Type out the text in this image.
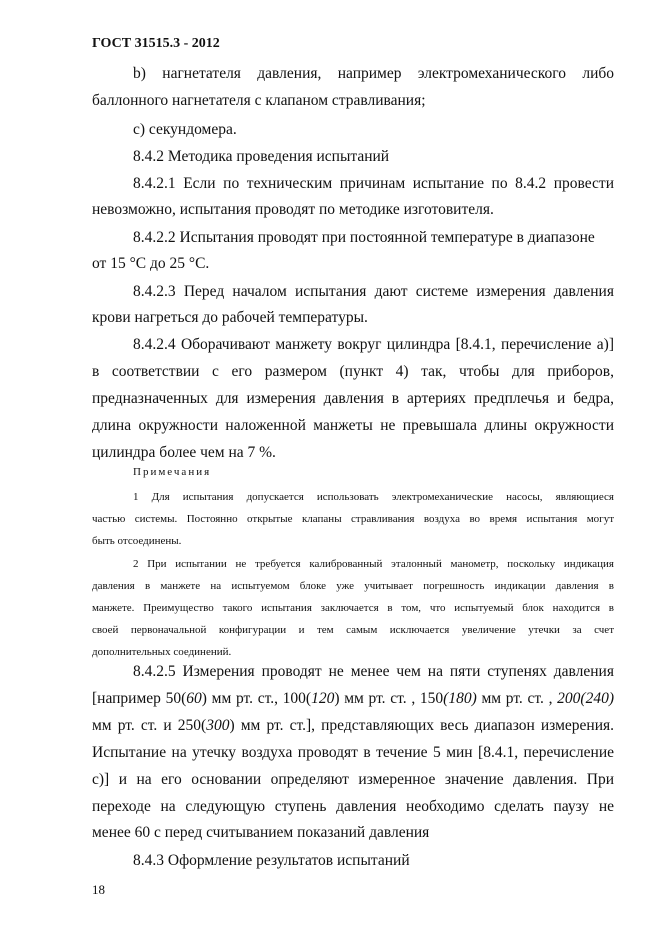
ГОСТ 31515.3 - 2012
b) нагнетателя давления, например электромеханического либо
баллонного нагнетателя с клапаном стравливания;
c) секундомера.
8.4.2 Методика проведения испытаний
8.4.2.1 Если по техническим причинам испытание по 8.4.2 провести
невозможно, испытания проводят по методике изготовителя.
8.4.2.2 Испытания проводят при постоянной температуре в диапазоне
от 15 °С до 25 °С.
8.4.2.3 Перед началом испытания дают системе измерения давления
крови нагреться до рабочей температуры.
8.4.2.4 Оборачивают манжету вокруг цилиндра [8.4.1, перечисление а)]
в соответствии с его размером (пункт 4) так, чтобы для приборов,
предназначенных для измерения давления в артериях предплечья и бедра,
длина окружности наложенной манжеты не превышала длины окружности
цилиндра более чем на 7 %.
Примечания
1 Для испытания допускается использовать электромеханические насосы, являющиеся
частью системы. Постоянно открытые клапаны стравливания воздуха во время испытания могут
быть отсоединены.
2 При испытании не требуется калиброванный эталонный манометр, поскольку индикация
давления в манжете на испытуемом блоке уже учитывает погрешность индикации давления в
манжете. Преимущество такого испытания заключается в том, что испытуемый блок находится в
своей первоначальной конфигурации и тем самым исключается увеличение утечки за счет
дополнительных соединений.
8.4.2.5 Измерения проводят не менее чем на пяти ступенях давления
[например 50(60) мм рт. ст., 100(120) мм рт. ст. , 150(180) мм рт. ст. , 200(240)
мм рт. ст. и 250(300) мм рт. ст.], представляющих весь диапазон измерения.
Испытание на утечку воздуха проводят в течение 5 мин [8.4.1, перечисление
c)] и на его основании определяют измеренное значение давления. При
переходе на следующую ступень давления необходимо сделать паузу не
менее 60 с перед считыванием показаний давления
8.4.3 Оформление результатов испытаний
18
